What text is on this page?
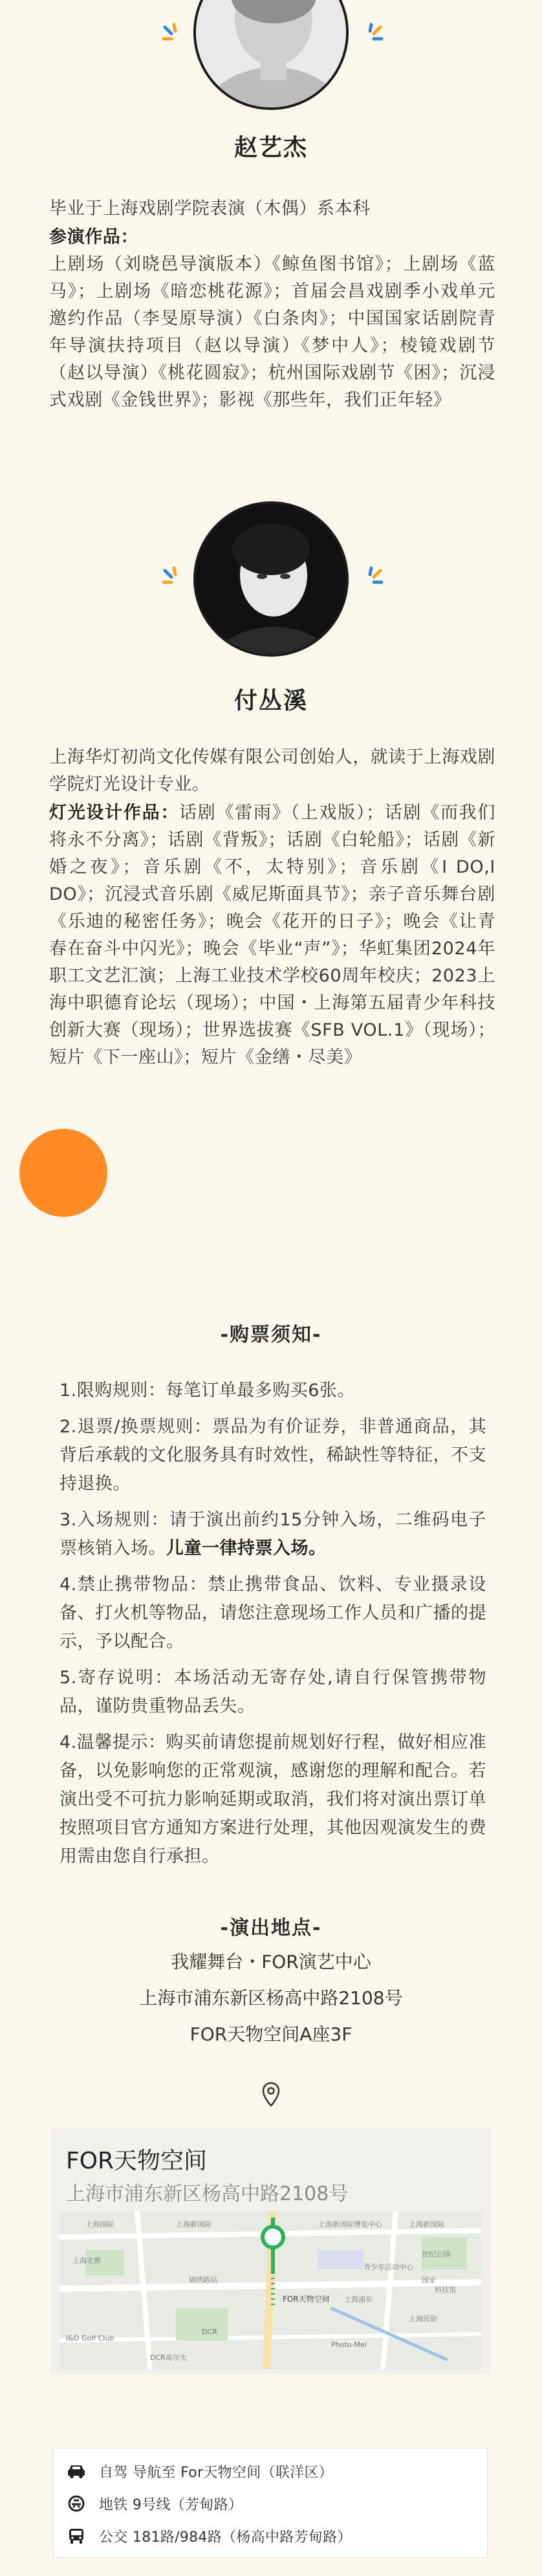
赵艺杰
毕业于上海戏剧学院表演（木偶）系本科
参演作品：
上剧场（刘晓邑导演版本）《鲸鱼图书馆》；上剧场《蓝马》；上剧场《暗恋桃花源》；首届会昌戏剧季小戏单元邀约作品（李旻原导演）《白条肉》；中国国家话剧院青年导演扶持项目（赵以导演）《梦中人》；棱镜戏剧节（赵以导演）《桃花圆寂》；杭州国际戏剧节《困》；沉浸式戏剧《金钱世界》；影视《那些年，我们正年轻》
付丛溪
上海华灯初尚文化传媒有限公司创始人，就读于上海戏剧学院灯光设计专业。
灯光设计作品：话剧《雷雨》（上戏版）；话剧《而我们将永不分离》；话剧《背叛》；话剧《白轮船》；话剧《新婚之夜》；音乐剧《不，太特别》；音乐剧《I DO,I DO》；沉浸式音乐剧《威尼斯面具节》；亲子音乐舞台剧《乐迪的秘密任务》；晚会《花开的日子》；晚会《让青春在奋斗中闪光》；晚会《毕业“声”》；华虹集团2024年职工文艺汇演；上海工业技术学校60周年校庆；2023上海中职德育论坛（现场）；中国・上海第五届青少年科技创新大赛（现场）；世界选拔赛《SFB VOL.1》（现场）；短片《下一座山》；短片《金缮・尽美》
-购票须知-

1.限购规则：每笔订单最多购买6张。

2.退票/换票规则：票品为有价证券，非普通商品，其背后承载的文化服务具有时效性，稀缺性等特征，不支持退换。

3.入场规则：请于演出前约15分钟入场，二维码电子票核销入场。儿童一律持票入场。

4.禁止携带物品：禁止携带食品、饮料、专业摄录设备、打火机等物品，请您注意现场工作人员和广播的提示，予以配合。

5.寄存说明：本场活动无寄存处,请自行保管携带物品，谨防贵重物品丢失。

4.温馨提示：购买前请您提前规划好行程，做好相应准备，以免影响您的正常观演，感谢您的理解和配合。若演出受不可抗力影响延期或取消，我们将对演出票订单按照项目官方通知方案进行处理，其他因观演发生的费用需由您自行承担。

-演出地点-
我耀舞台・FOR演艺中心
上海市浦东新区杨高中路2108号
FOR天物空间A座3F
FOR天物空间
上海市浦东新区杨高中路2108号
上海国际	上海新国际	上海新国际博览中心	上海新国际
上海北蔡
世纪公园
锦绣路站
FOR天物空间 上海浦东
I&O Golf Club
Photo-Mei
DCR
DCR高尔夫
上海民防
国家
科技馆
青少年活动中心
自驾 导航至 For天物空间（联洋区）
地铁 9号线（芳甸路）
公交 181路/984路（杨高中路芳甸路）
